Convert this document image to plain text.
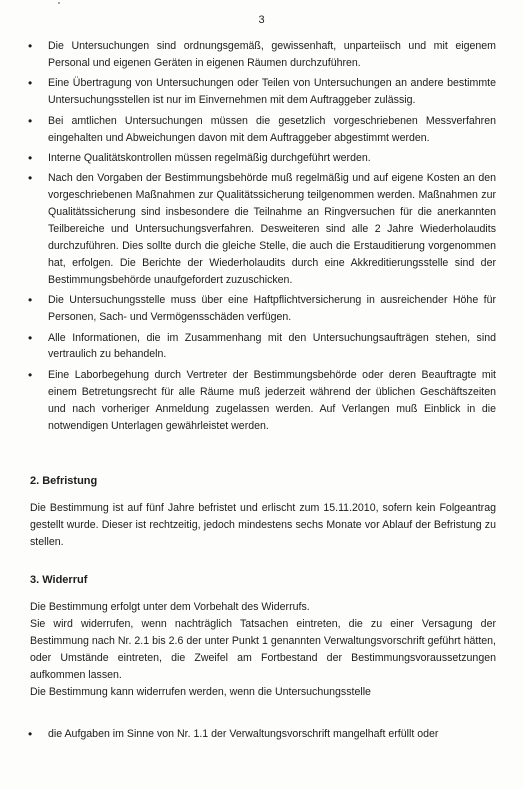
3
• Die Untersuchungen sind ordnungsgemäß, gewissenhaft, unparteiisch und mit eigenem Personal und eigenen Geräten in eigenen Räumen durchzuführen.
• Eine Übertragung von Untersuchungen oder Teilen von Untersuchungen an andere bestimmte Untersuchungsstellen ist nur im Einvernehmen mit dem Auftraggeber zulässig.
• Bei amtlichen Untersuchungen müssen die gesetzlich vorgeschriebenen Messverfahren eingehalten und Abweichungen davon mit dem Auftraggeber abgestimmt werden.
• Interne Qualitätskontrollen müssen regelmäßig durchgeführt werden.
• Nach den Vorgaben der Bestimmungsbehörde muß regelmäßig und auf eigene Kosten an den vorgeschriebenen Maßnahmen zur Qualitätssicherung teilgenommen werden. Maßnahmen zur Qualitätssicherung sind insbesondere die Teilnahme an Ringversuchen für die anerkannten Teilbereiche und Untersuchungsverfahren. Desweiteren sind alle 2 Jahre Wiederholaudits durchzuführen. Dies sollte durch die gleiche Stelle, die auch die Erstauditierung vorgenommen hat, erfolgen. Die Berichte der Wiederholaudits durch eine Akkreditierungsstelle sind der Bestimmungsbehörde unaufgefordert zuzuschicken.
• Die Untersuchungsstelle muss über eine Haftpflichtversicherung in ausreichender Höhe für Personen, Sach- und Vermögensschäden verfügen.
• Alle Informationen, die im Zusammenhang mit den Untersuchungsaufträgen stehen, sind vertraulich zu behandeln.
• Eine Laborbegehung durch Vertreter der Bestimmungsbehörde oder deren Beauftragte mit einem Betretungsrecht für alle Räume muß jederzeit während der üblichen Geschäftszeiten und nach vorheriger Anmeldung zugelassen werden. Auf Verlangen muß Einblick in die notwendigen Unterlagen gewährleistet werden.
2. Befristung
Die Bestimmung ist auf fünf Jahre befristet und erlischt zum 15.11.2010, sofern kein Folgeantrag gestellt wurde. Dieser ist rechtzeitig, jedoch mindestens sechs Monate vor Ablauf der Befristung zu stellen.
3. Widerruf
Die Bestimmung erfolgt unter dem Vorbehalt des Widerrufs.
Sie wird widerrufen, wenn nachträglich Tatsachen eintreten, die zu einer Versagung der Bestimmung nach Nr. 2.1 bis 2.6 der unter Punkt 1 genannten Verwaltungsvorschrift geführt hätten, oder Umstände eintreten, die Zweifel am Fortbestand der Bestimmungsvoraussetzungen aufkommen lassen.
Die Bestimmung kann widerrufen werden, wenn die Untersuchungsstelle
• die Aufgaben im Sinne von Nr. 1.1 der Verwaltungsvorschrift mangelhaft erfüllt oder
